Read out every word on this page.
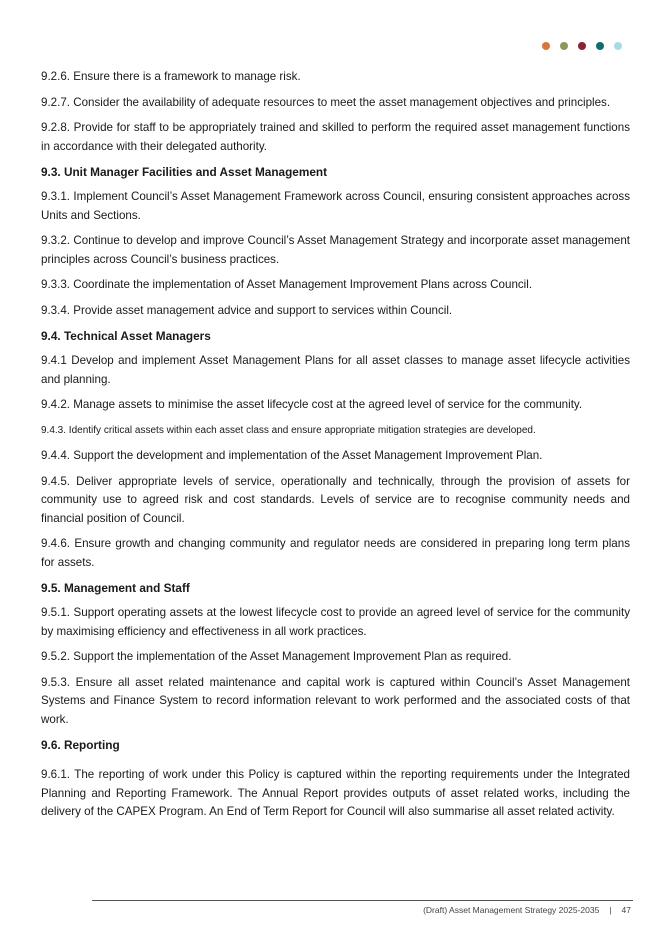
9.2.6. Ensure there is a framework to manage risk.
9.2.7. Consider the availability of adequate resources to meet the asset management objectives and principles.
9.2.8. Provide for staff to be appropriately trained and skilled to perform the required asset management functions in accordance with their delegated authority.
9.3. Unit Manager Facilities and Asset Management
9.3.1. Implement Council’s Asset Management Framework across Council, ensuring consistent approaches across Units and Sections.
9.3.2. Continue to develop and improve Council’s Asset Management Strategy and incorporate asset management principles across Council’s business practices.
9.3.3. Coordinate the implementation of Asset Management Improvement Plans across Council.
9.3.4. Provide asset management advice and support to services within Council.
9.4. Technical Asset Managers
9.4.1 Develop and implement Asset Management Plans for all asset classes to manage asset lifecycle activities and planning.
9.4.2. Manage assets to minimise the asset lifecycle cost at the agreed level of service for the community.
9.4.3. Identify critical assets within each asset class and ensure appropriate mitigation strategies are developed.
9.4.4. Support the development and implementation of the Asset Management Improvement Plan.
9.4.5. Deliver appropriate levels of service, operationally and technically, through the provision of assets for community use to agreed risk and cost standards. Levels of service are to recognise community needs and financial position of Council.
9.4.6. Ensure growth and changing community and regulator needs are considered in preparing long term plans for assets.
9.5. Management and Staff
9.5.1. Support operating assets at the lowest lifecycle cost to provide an agreed level of service for the community by maximising efficiency and effectiveness in all work practices.
9.5.2. Support the implementation of the Asset Management Improvement Plan as required.
9.5.3. Ensure all asset related maintenance and capital work is captured within Council’s Asset Management Systems and Finance System to record information relevant to work performed and the associated costs of that work.
9.6. Reporting
9.6.1. The reporting of work under this Policy is captured within the reporting requirements under the Integrated Planning and Reporting Framework. The Annual Report provides outputs of asset related works, including the delivery of the CAPEX Program. An End of Term Report for Council will also summarise all asset related activity.
(Draft) Asset Management Strategy 2025-2035 | 47
